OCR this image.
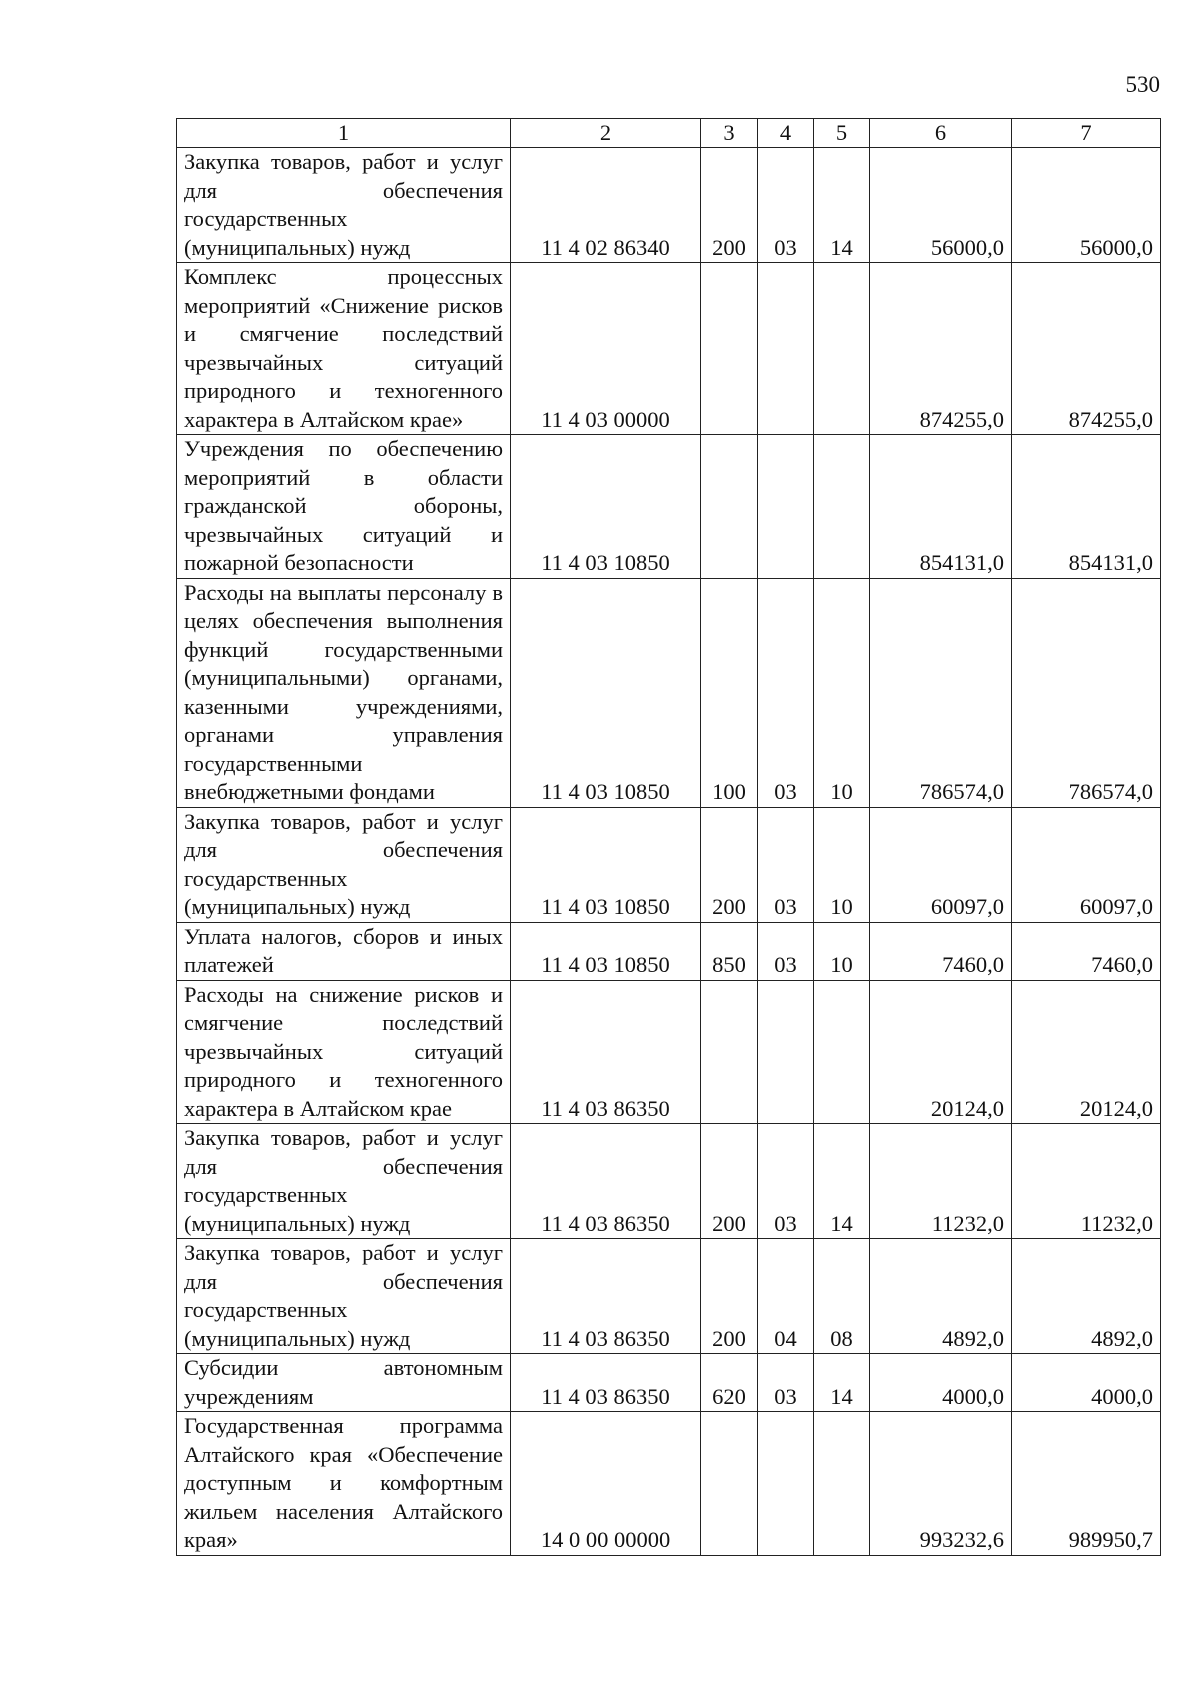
530
1	2	3	4	5	6	7
Закупка товаров, работ и услуг для обеспечения государственных (муниципальных) нужд	11 4 02 86340	200	03	14	56000,0	56000,0
Комплекс процессных мероприятий «Снижение рисков и смягчение последствий чрезвычайных ситуаций природного и техногенного характера в Алтайском крае»	11 4 03 00000				874255,0	874255,0
Учреждения по обеспечению мероприятий в области гражданской обороны, чрезвычайных ситуаций и пожарной безопасности	11 4 03 10850				854131,0	854131,0
Расходы на выплаты персоналу в целях обеспечения выполнения функций государственными (муниципальными) органами, казенными учреждениями, органами управления государственными внебюджетными фондами	11 4 03 10850	100	03	10	786574,0	786574,0
Закупка товаров, работ и услуг для обеспечения государственных (муниципальных) нужд	11 4 03 10850	200	03	10	60097,0	60097,0
Уплата налогов, сборов и иных платежей	11 4 03 10850	850	03	10	7460,0	7460,0
Расходы на снижение рисков и смягчение последствий чрезвычайных ситуаций природного и техногенного характера в Алтайском крае	11 4 03 86350				20124,0	20124,0
Закупка товаров, работ и услуг для обеспечения государственных (муниципальных) нужд	11 4 03 86350	200	03	14	11232,0	11232,0
Закупка товаров, работ и услуг для обеспечения государственных (муниципальных) нужд	11 4 03 86350	200	04	08	4892,0	4892,0
Субсидии автономным учреждениям	11 4 03 86350	620	03	14	4000,0	4000,0
Государственная программа Алтайского края «Обеспечение доступным и комфортным жильем населения Алтайского края»	14 0 00 00000				993232,6	989950,7
